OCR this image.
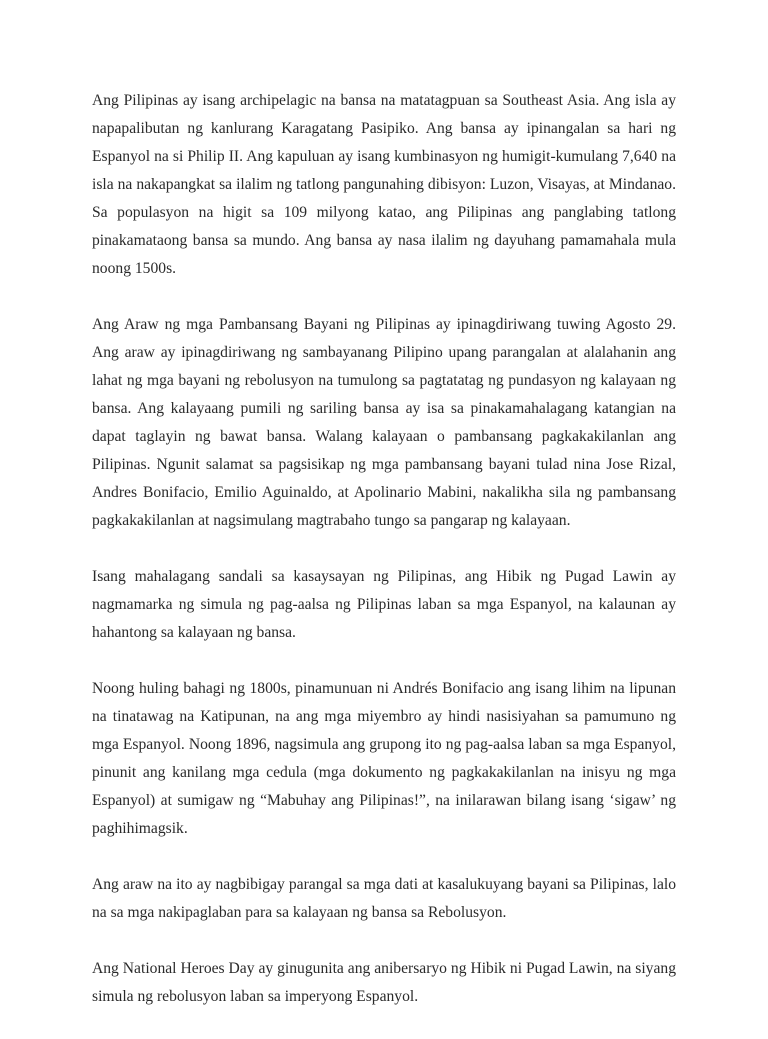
Ang Pilipinas ay isang archipelagic na bansa na matatagpuan sa Southeast Asia. Ang isla ay napapalibutan ng kanlurang Karagatang Pasipiko. Ang bansa ay ipinangalan sa hari ng Espanyol na si Philip II. Ang kapuluan ay isang kumbinasyon ng humigit-kumulang 7,640 na isla na nakapangkat sa ilalim ng tatlong pangunahing dibisyon: Luzon, Visayas, at Mindanao. Sa populasyon na higit sa 109 milyong katao, ang Pilipinas ang panglabing tatlong pinakamataong bansa sa mundo. Ang bansa ay nasa ilalim ng dayuhang pamamahala mula noong 1500s.

Ang Araw ng mga Pambansang Bayani ng Pilipinas ay ipinagdiriwang tuwing Agosto 29. Ang araw ay ipinagdiriwang ng sambayanang Pilipino upang parangalan at alalahanin ang lahat ng mga bayani ng rebolusyon na tumulong sa pagtatatag ng pundasyon ng kalayaan ng bansa. Ang kalayaang pumili ng sariling bansa ay isa sa pinakamahalagang katangian na dapat taglayin ng bawat bansa. Walang kalayaan o pambansang pagkakakilanlan ang Pilipinas. Ngunit salamat sa pagsisikap ng mga pambansang bayani tulad nina Jose Rizal, Andres Bonifacio, Emilio Aguinaldo, at Apolinario Mabini, nakalikha sila ng pambansang pagkakakilanlan at nagsimulang magtrabaho tungo sa pangarap ng kalayaan.

Isang mahalagang sandali sa kasaysayan ng Pilipinas, ang Hibik ng Pugad Lawin ay nagmamarka ng simula ng pag-aalsa ng Pilipinas laban sa mga Espanyol, na kalaunan ay hahantong sa kalayaan ng bansa.

Noong huling bahagi ng 1800s, pinamunuan ni Andrés Bonifacio ang isang lihim na lipunan na tinatawag na Katipunan, na ang mga miyembro ay hindi nasisiyahan sa pamumuno ng mga Espanyol. Noong 1896, nagsimula ang grupong ito ng pag-aalsa laban sa mga Espanyol, pinunit ang kanilang mga cedula (mga dokumento ng pagkakakilanlan na inisyu ng mga Espanyol) at sumigaw ng “Mabuhay ang Pilipinas!”, na inilarawan bilang isang ‘sigaw’ ng paghihimagsik.

Ang araw na ito ay nagbibigay parangal sa mga dati at kasalukuyang bayani sa Pilipinas, lalo na sa mga nakipaglaban para sa kalayaan ng bansa sa Rebolusyon.

Ang National Heroes Day ay ginugunita ang anibersaryo ng Hibik ni Pugad Lawin, na siyang simula ng rebolusyon laban sa imperyong Espanyol.
